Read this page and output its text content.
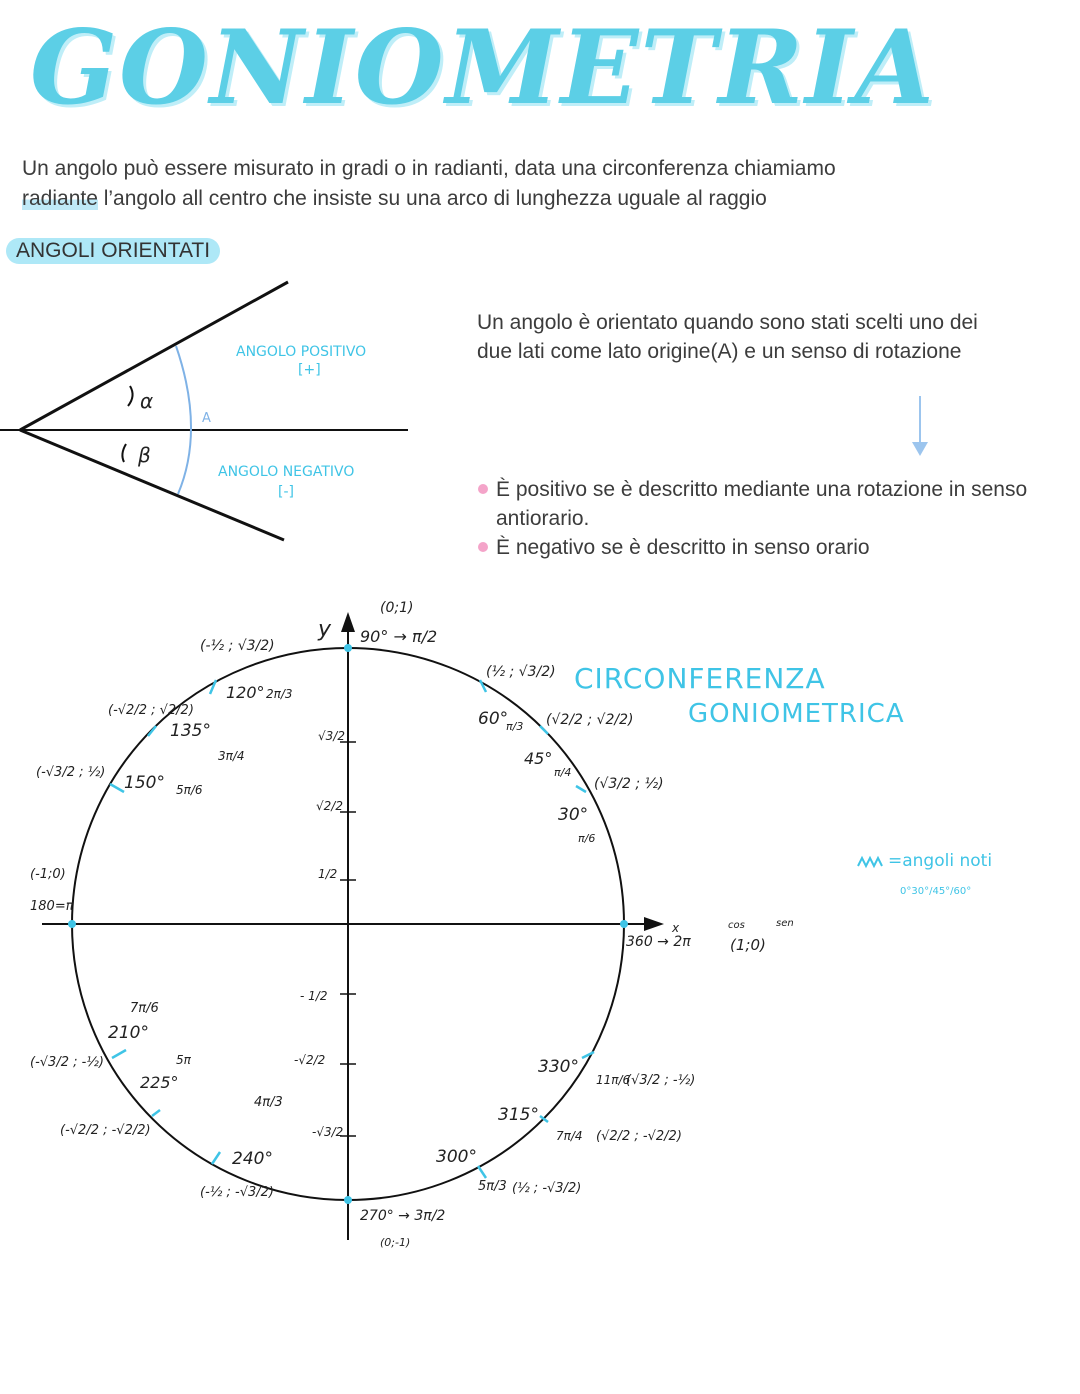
GONIOMETRIA
Un angolo può essere misurato in gradi o in radianti, data una circonferenza chiamiamo
radiante l’angolo all centro che insiste su una arco di lunghezza uguale al raggio
ANGOLI ORIENTATI
α
β
A
ANGOLO POSITIVO
[+]
ANGOLO NEGATIVO
[-]
Un angolo è orientato quando sono stati scelti uno dei due lati come lato origine(A) e un senso di rotazione
È positivo se è descritto mediante una rotazione in senso antiorario.
È negativo se è descritto in senso orario
y
x
90° → π/2
(0;1)
360 → 2π	(1;0)
cos	sen
(-1;0)
180=π
270° → 3π/2
(0;-1)
√3/2
√2/2
1/2
- 1/2
-√2/2
-√3/2
(½ ; √3/2)
60°
π/3 (√2/2 ; √2/2)
45°
π/4
(√3/2 ; ½)
30°
π/6
(-½ ; √3/2)
120° 2π/3
(-√2/2 ; √2/2)
135°
3π/4
(-√3/2 ; ½)
150° 5π/6
7π/6
210°
(-√3/2 ; -½)	5π
225°
(-√2/2 ; -√2/2)
4π/3
240°
(-½ ; -√3/2)
300°
5π/3 (½ ; -√3/2)
315°
7π/4 (√2/2 ; -√2/2)
330°
11π/6
(√3/2 ; -½)
CIRCONFERENZA
GONIOMETRICA
=angoli noti
0°30°/45°/60°
